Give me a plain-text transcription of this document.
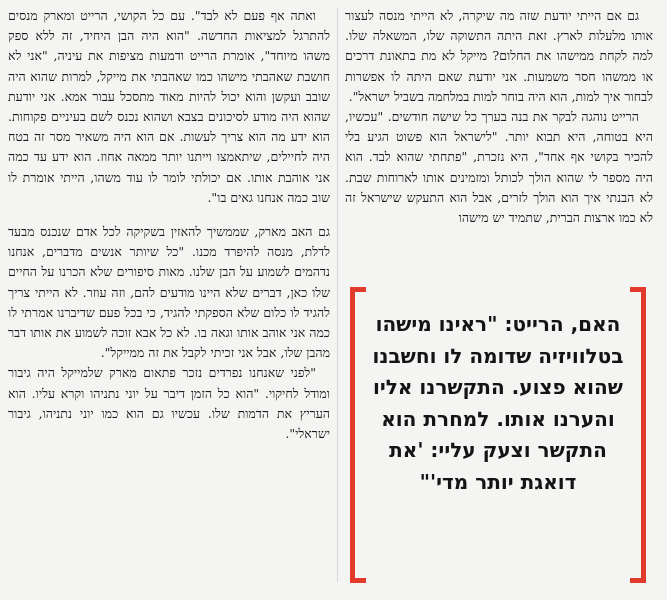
גם אם הייתי יודעת שזה מה שיקרה, לא הייתי מנסה לעצור אותו מלעלות לארץ. זאת היתה התשוקה שלו, המשאלה שלו. למה לקחת ממישהו את החלום? מייקל לא מת בתאונת דרכים או ממשהו חסר משמעות. אני יודעת שאם היתה לו אפשרות לבחור איך למות, הוא היה בוחר למות במלחמה בשביל ישראל".

הרייט נוהגה לבקר את בנה בערך כל שישה חודשים. "עכשיו, היא בטוחה, היא תבוא יותר. "לישראל הוא פשוט הגיע בלי להכיר בקושי אף אחד", היא נזכרת, "פתחתי שהוא לבד. הוא היה מספר לי שהוא הולך לכותל ומזמינים אותו לארוחות שבת. לא הבנתי איך הוא הולך לזרים, אבל הוא התעקש שישראל זה לא כמו ארצות הברית, שתמיד יש מישהו

ואתה אף פעם לא לבד". עם כל הקושי, הרייט ומארק מנסים להתרגל למציאות החדשה. "הוא היה הבן היחיד, זה ללא ספק משהו מיוחד", אומרת הרייט ודמעות מציפות את עיניה, "אני לא חושבת שאהבתי מישהו כמו שאהבתי את מייקל, למרות שהוא היה שובב ועקשן והוא יכול להיות מאוד מתסכל עבור אמא. אני יודעת שהוא היה מודע לסיכונים בצבא ושהוא נכנס לשם בעיניים פקוחות. הוא ידע מה הוא צריך לעשות. אם הוא היה משאיר מסר זה בטח היה לחיילים, שיתאמצו וייתנו יותר ממאה אחוז. הוא ידע עד כמה אני אוהבת אותו. אם יכולתי לומר לו עוד משהו, הייתי אומרת לו שוב כמה אנחנו גאים בו".

גם האב מארק, שממשיך להאזין בשקיקה לכל אדם שנכנס מבעד לדלת, מנסה להיפרד מכנו. "כל שיותר אנשים מדברים, אנחנו נדהמים לשמוע על הבן שלנו. מאות סיפורים שלא הכרנו על החיים שלו כאן, דברים שלא היינו מודעים להם, וזה עוזר. לא הייתי צריך להגיד לו כלום שלא הספקתי להגיד, כי בכל פעם שדיברנו אמרתי לו כמה אני אוהב אותו וגאה בו. לא כל אבא זוכה לשמוע את אותו דבר מהבן שלו, אבל אני זכיתי לקבל את זה ממייקל".

"לפני שאנחנו נפרדים נזכר פתאום מארק שלמייקל היה גיבור ומודל לחיקוי. "הוא כל הזמן דיבר על יוני נתניהו וקרא עליו. הוא העריץ את הדמות שלו. עכשיו גם הוא כמו יוני נתניהו, גיבור ישראלי".

האם, הרייט: "ראינו מישהו בטלוויזיה שדומה לו וחשבנו שהוא פצוע. התקשרנו אליו והערנו אותו. למחרת הוא התקשר וצעק עליי: 'את דואגת יותר מדי'"
